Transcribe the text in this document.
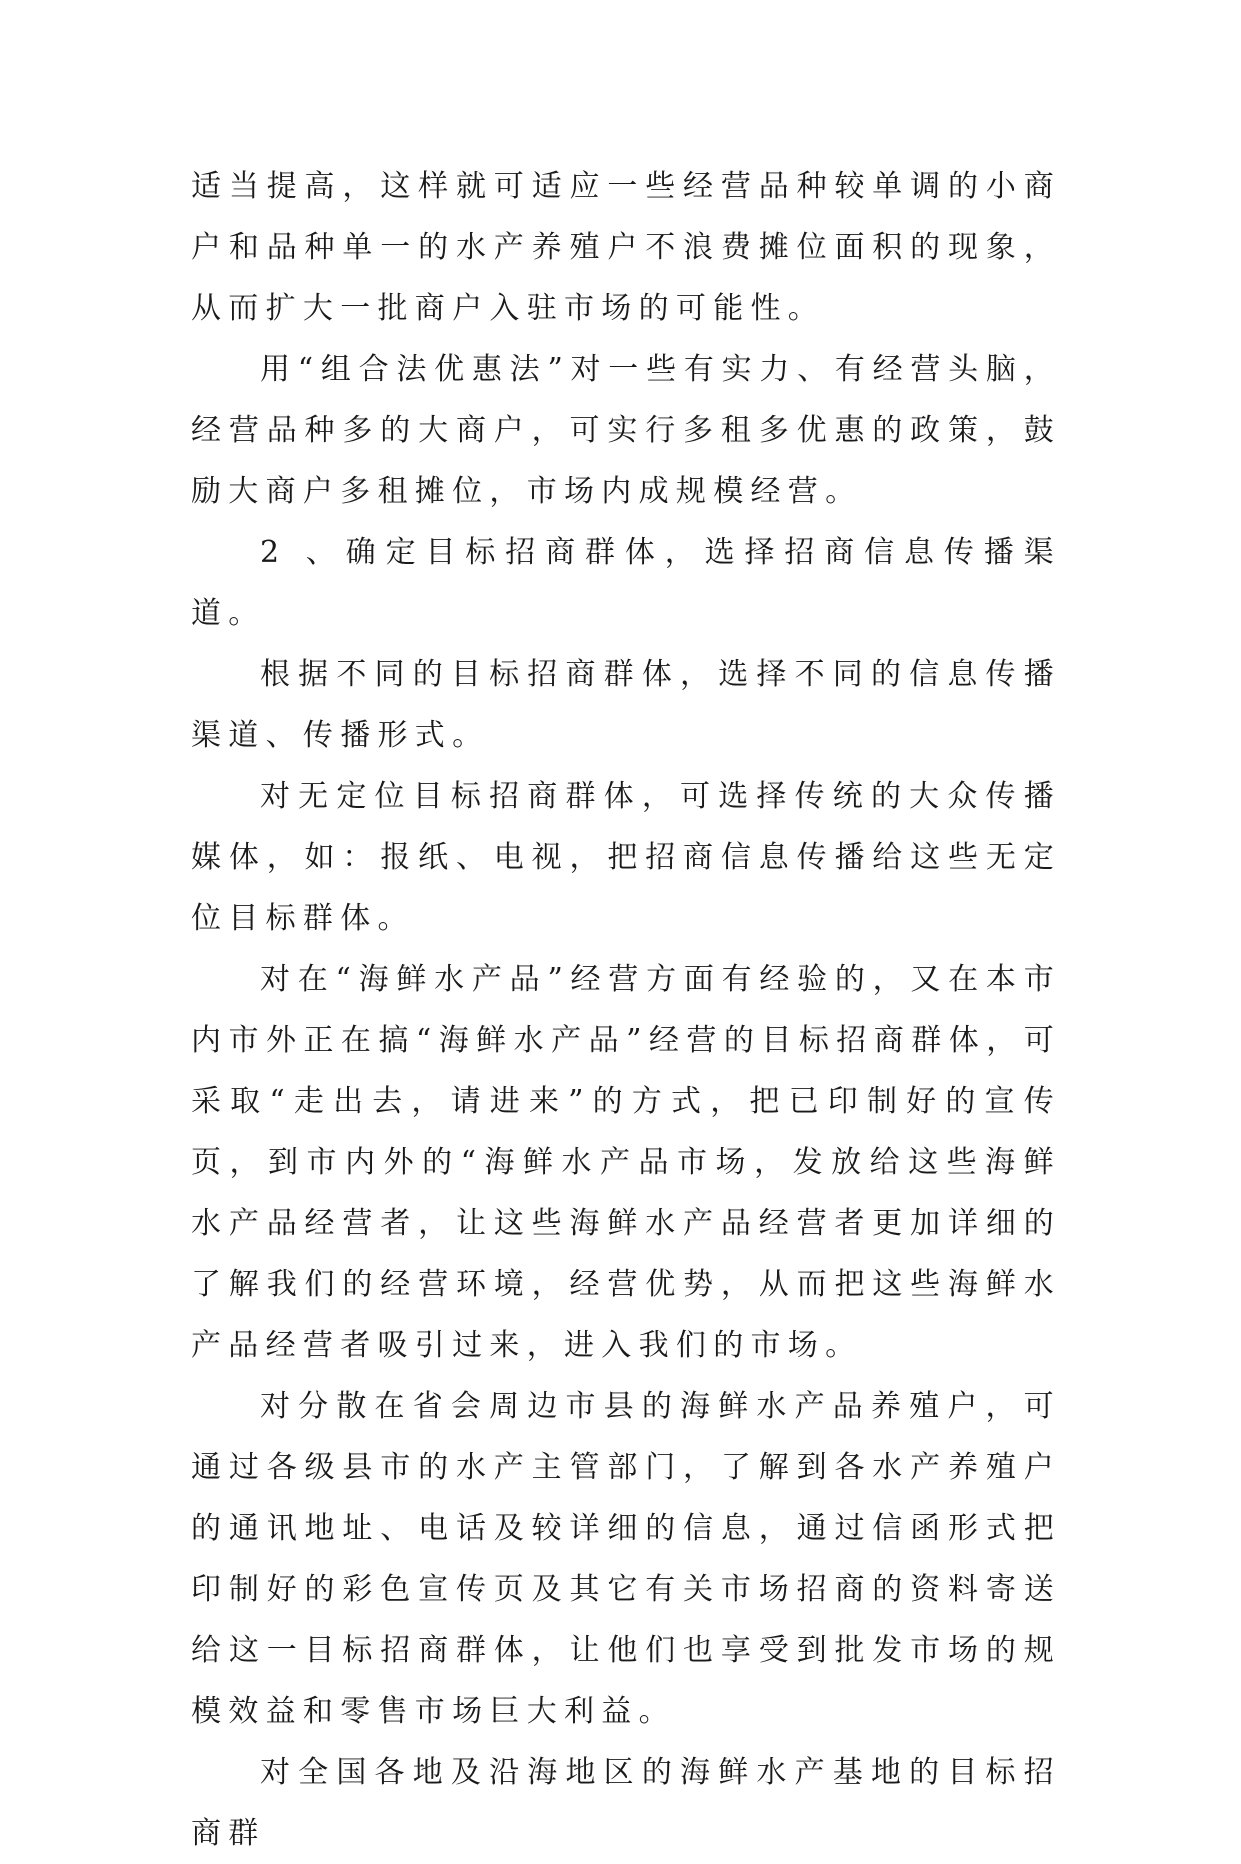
适当提高，这样就可适应一些经营品种较单调的小商户和品种单一的水产养殖户不浪费摊位面积的现象，从而扩大一批商户入驻市场的可能性。

用“组合法优惠法”对一些有实力、有经营头脑，经营品种多的大商户，可实行多租多优惠的政策，鼓励大商户多租摊位，市场内成规模经营。

2 、确定目标招商群体，选择招商信息传播渠道。

根据不同的目标招商群体，选择不同的信息传播渠道、传播形式。

对无定位目标招商群体，可选择传统的大众传播媒体，如：报纸、电视，把招商信息传播给这些无定位目标群体。

对在“海鲜水产品”经营方面有经验的，又在本市内市外正在搞“海鲜水产品”经营的目标招商群体，可采取“走出去，请进来”的方式，把已印制好的宣传页，到市内外的“海鲜水产品市场，发放给这些海鲜水产品经营者，让这些海鲜水产品经营者更加详细的了解我们的经营环境，经营优势，从而把这些海鲜水产品经营者吸引过来，进入我们的市场。

对分散在省会周边市县的海鲜水产品养殖户，可通过各级县市的水产主管部门，了解到各水产养殖户的通讯地址、电话及较详细的信息，通过信函形式把印制好的彩色宣传页及其它有关市场招商的资料寄送给这一目标招商群体，让他们也享受到批发市场的规模效益和零售市场巨大利益。

对全国各地及沿海地区的海鲜水产基地的目标招商群
